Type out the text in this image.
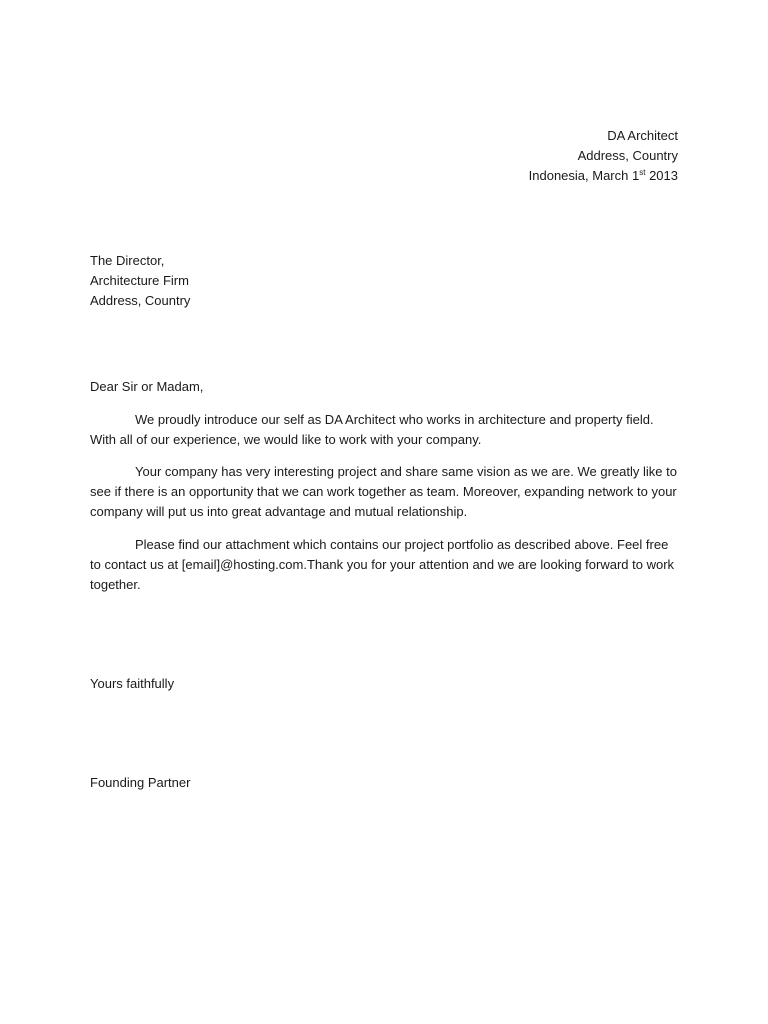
DA Architect
Address, Country
Indonesia, March 1st 2013
The Director,
Architecture Firm
Address, Country
Dear Sir or Madam,

We proudly introduce our self as DA Architect who works in architecture and property field. With all of our experience, we would like to work with your company.

Your company has very interesting project and share same vision as we are. We greatly like to see if there is an opportunity that we can work together as team. Moreover, expanding network to your company will put us into great advantage and mutual relationship.

Please find our attachment which contains our project portfolio as described above. Feel free to contact us at [email]@hosting.com.Thank you for your attention and we are looking forward to work together.

Yours faithfully
Founding Partner
